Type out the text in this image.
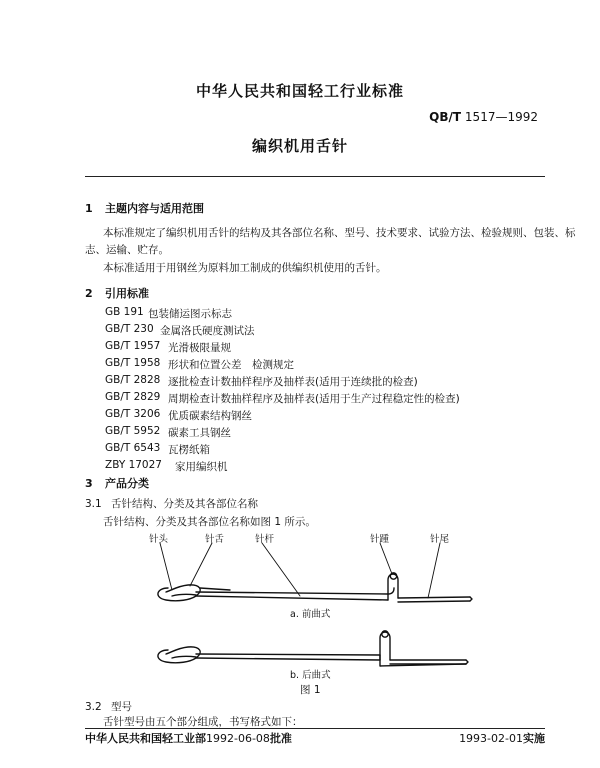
中华人民共和国轻工行业标准
QB/T 1517—1992
编织机用舌针
1 主题内容与适用范围
本标准规定了编织机用舌针的结构及其各部位名称、型号、技术要求、试验方法、检验规则、包装、标
志、运输、贮存。
本标准适用于用钢丝为原料加工制成的供编织机使用的舌针。
2 引用标准
GB 191 包装储运图示标志
GB/T 230 金属洛氏硬度测试法
GB/T 1957 光滑极限量规
GB/T 1958 形状和位置公差　检测规定
GB/T 2828 逐批检查计数抽样程序及抽样表(适用于连续批的检查)
GB/T 2829 周期检查计数抽样程序及抽样表(适用于生产过程稳定性的检查)
GB/T 3206 优质碳素结构钢丝
GB/T 5952 碳素工具钢丝
GB/T 6543 瓦楞纸箱
ZBY 17027 家用编织机
3 产品分类
3.1 舌针结构、分类及其各部位名称
舌针结构、分类及其各部位名称如图 1 所示。
针头	针舌	针杆	针踵	针尾
a. 前曲式
b. 后曲式
图 1
3.2 型号
舌针型号由五个部分组成，书写格式如下：
中华人民共和国轻工业部1992-06-08批准	1993-02-01实施
